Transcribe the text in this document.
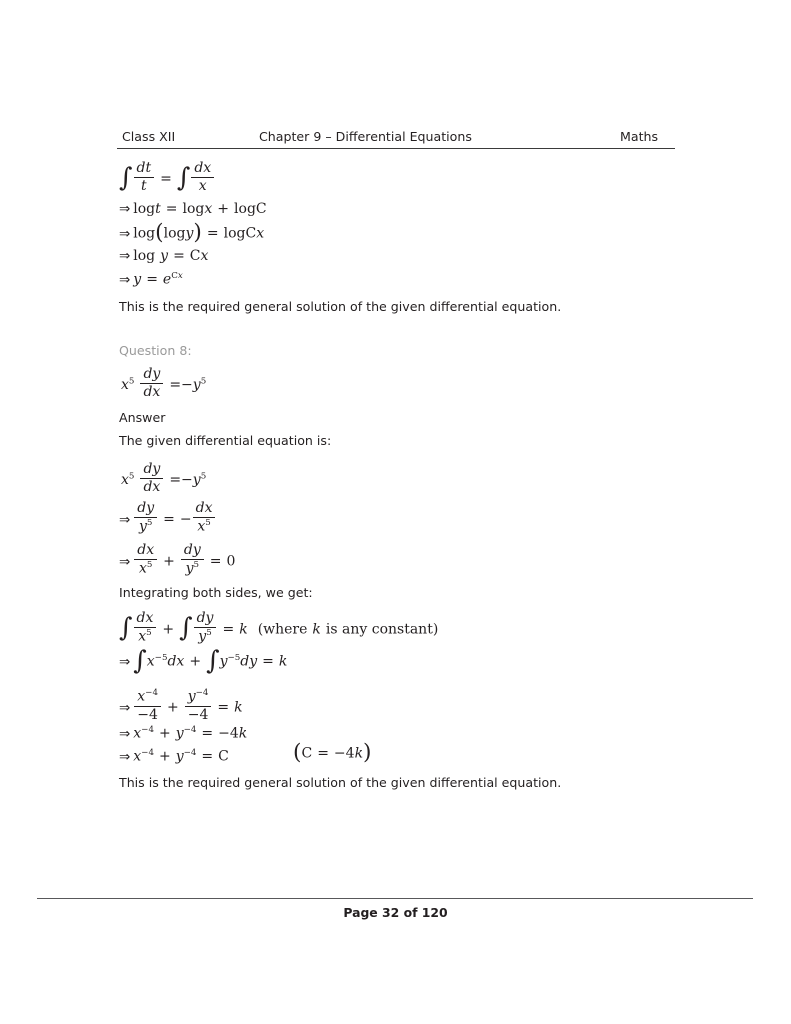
Class XII	Chapter 9 – Differential Equations	Maths
∫ $\frac{dt}{t}$ = ∫ $\frac{dx}{x}$
⇒ logt = logx + logC
⇒ log(logy) = logCx
⇒ log y = Cx
⇒ $y = e^{Cx}$
This is the required general solution of the given differential equation.
Question 8:
$x^5 \frac{dy}{dx} =-y^5$
Answer
The given differential equation is:
$x^5 \frac{dy}{dx} =-y^5$
⇒ $\frac{dy}{y^5}$ = − $\frac{dx}{x^5}$
⇒ $\frac{dx}{x^5} + \frac{dy}{y^5} = 0$
Integrating both sides, we get:
∫ $\frac{dx}{x^5}$ + ∫ $\frac{dy}{y^5} = k$ (where k is any constant)
⇒ $\int x^{-5}dx + \int y^{-5}dy = k$
⇒ $\frac{x^{-4}}{-4} + \frac{y^{-4}}{-4} = k$
⇒ $x^{-4} + y^{-4} = -4k$
⇒ $x^{-4} + y^{-4} = C$	(C = −4k)
This is the required general solution of the given differential equation.
Page 32 of 120
